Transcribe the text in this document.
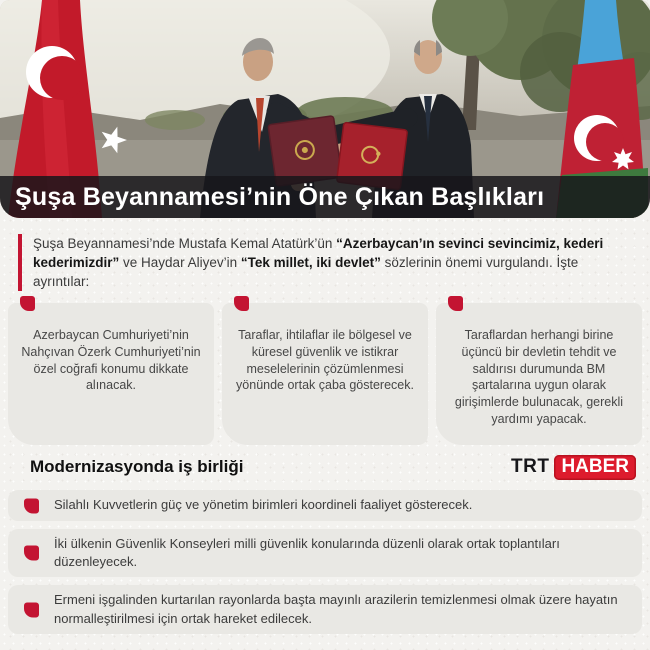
Şuşa Beyannamesi’nin Öne Çıkan Başlıkları
Şuşa Beyannamesi’nde Mustafa Kemal Atatürk’ün “Azerbaycan’ın sevinci sevincimiz, kederi kederimizdir” ve Haydar Aliyev’in “Tek millet, iki devlet” sözlerinin önemi vurgulandı. İşte ayrıntılar:
Azerbaycan Cumhuriyeti’nin Nahçıvan Özerk Cumhuriyeti’nin özel coğrafi konumu dikkate alınacak.
Taraflar, ihtilaflar ile bölgesel ve küresel güvenlik ve istikrar meselelerinin çözümlenmesi yönünde ortak çaba gösterecek.
Taraflardan herhangi birine üçüncü bir devletin tehdit ve saldırısı durumunda BM şartalarına uygun olarak girişimlerde bulunacak, gerekli yardımı yapacak.
Modernizasyonda iş birliği	TRT HABER
Silahlı Kuvvetlerin güç ve yönetim birimleri koordineli faaliyet gösterecek.
İki ülkenin Güvenlik Konseyleri milli güvenlik konularında düzenli olarak ortak toplantıları düzenleyecek.
Ermeni işgalinden kurtarılan rayonlarda başta mayınlı arazilerin temizlenmesi olmak üzere hayatın normalleştirilmesi için ortak hareket edilecek.
